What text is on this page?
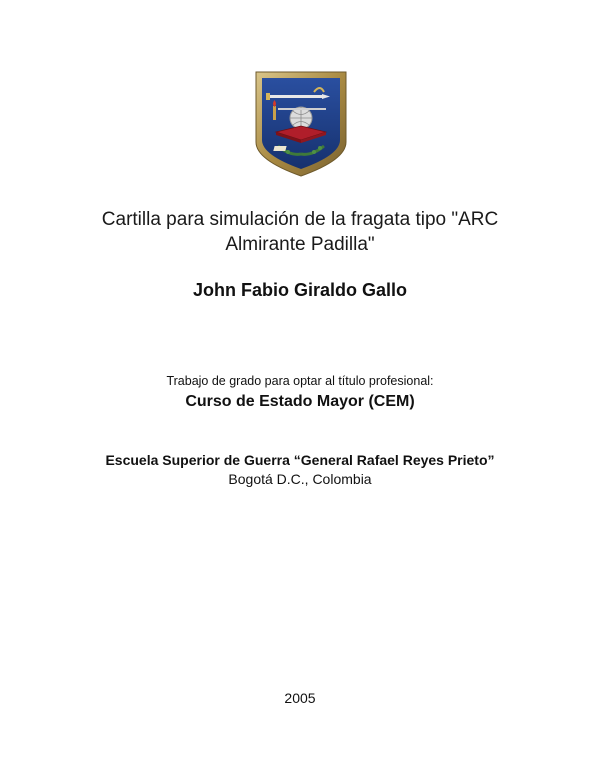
Cartilla para simulación de la fragata tipo "ARC
Almirante Padilla"
John Fabio Giraldo Gallo
Trabajo de grado para optar al título profesional:
Curso de Estado Mayor (CEM)
Escuela Superior de Guerra “General Rafael Reyes Prieto”
Bogotá D.C., Colombia
2005
